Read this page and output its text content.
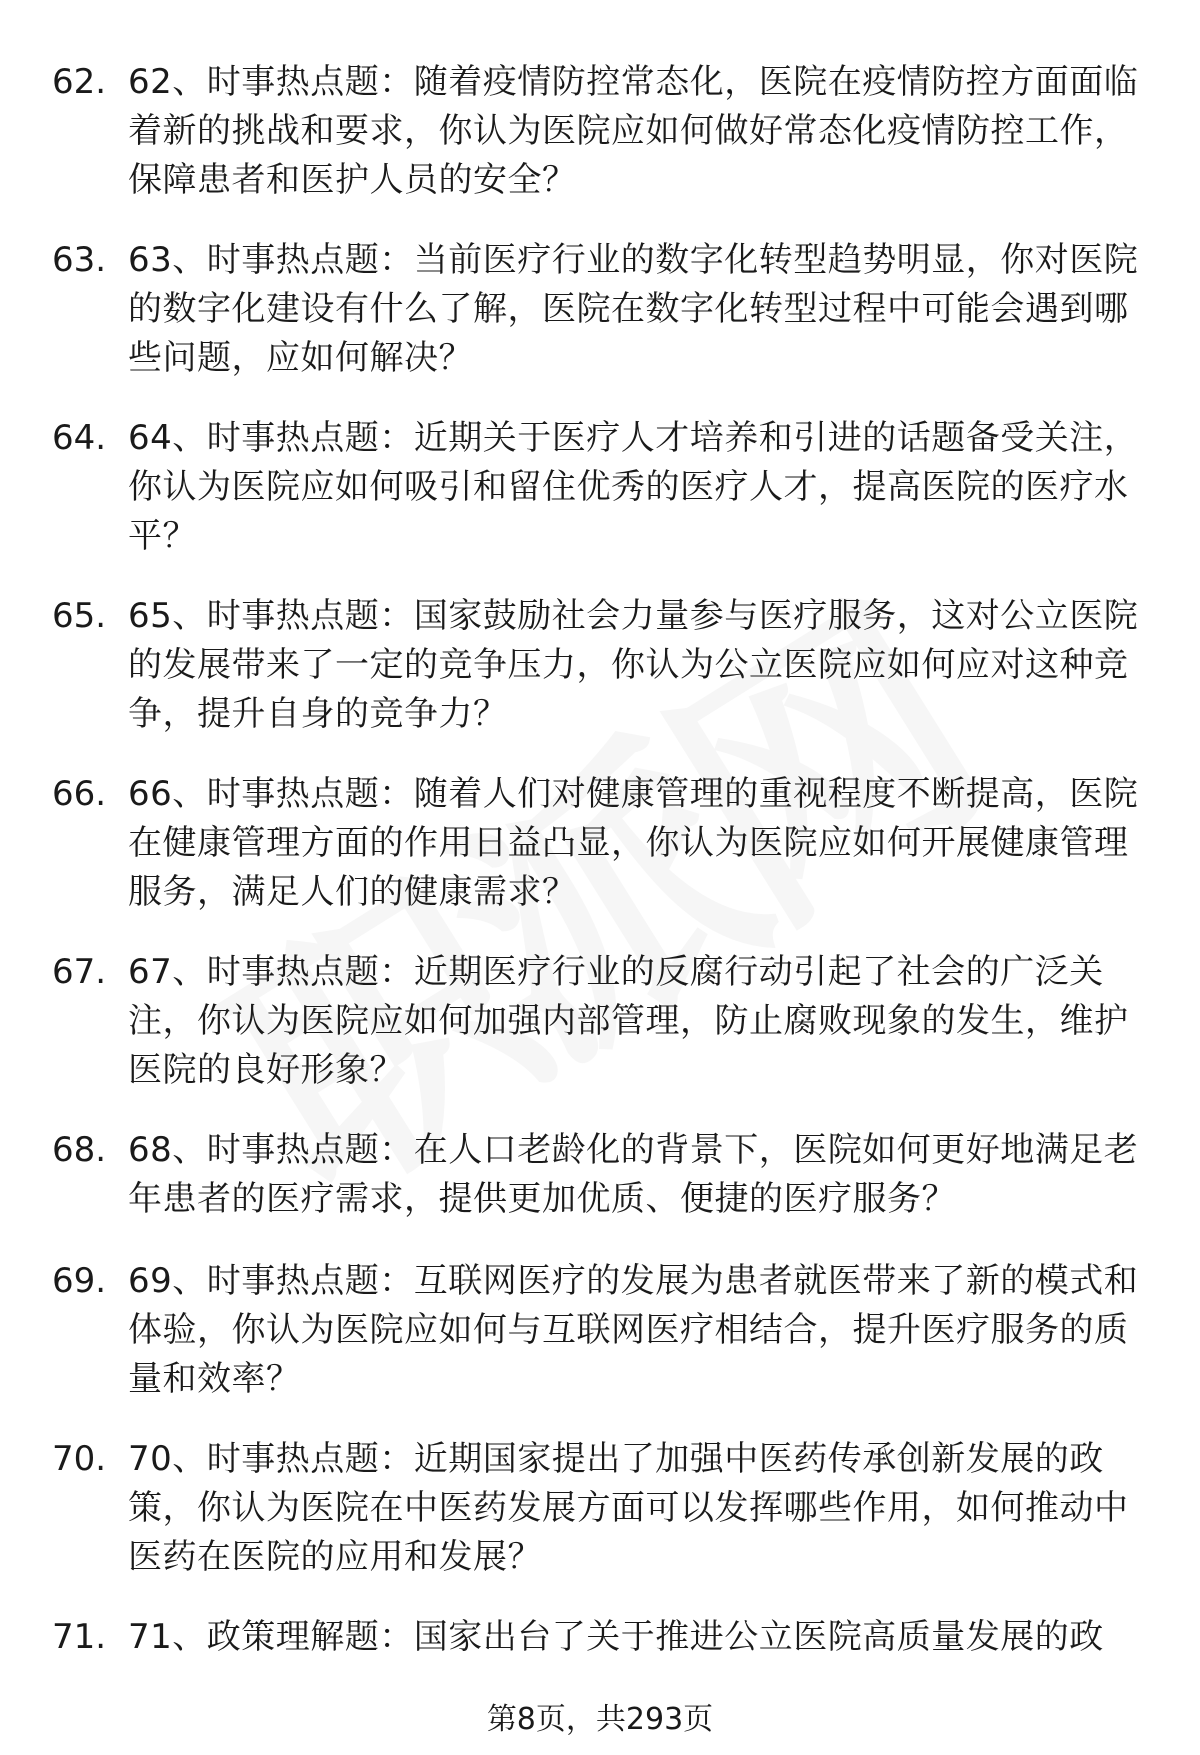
62. 62、时事热点题：随着疫情防控常态化，医院在疫情防控方面面临着新的挑战和要求，你认为医院应如何做好常态化疫情防控工作，保障患者和医护人员的安全？
63. 63、时事热点题：当前医疗行业的数字化转型趋势明显，你对医院的数字化建设有什么了解，医院在数字化转型过程中可能会遇到哪些问题，应如何解决？
64. 64、时事热点题：近期关于医疗人才培养和引进的话题备受关注，你认为医院应如何吸引和留住优秀的医疗人才，提高医院的医疗水平？
65. 65、时事热点题：国家鼓励社会力量参与医疗服务，这对公立医院的发展带来了一定的竞争压力，你认为公立医院应如何应对这种竞争，提升自身的竞争力？
66. 66、时事热点题：随着人们对健康管理的重视程度不断提高，医院在健康管理方面的作用日益凸显，你认为医院应如何开展健康管理服务，满足人们的健康需求？
67. 67、时事热点题：近期医疗行业的反腐行动引起了社会的广泛关注，你认为医院应如何加强内部管理，防止腐败现象的发生，维护医院的良好形象？
68. 68、时事热点题：在人口老龄化的背景下，医院如何更好地满足老年患者的医疗需求，提供更加优质、便捷的医疗服务？
69. 69、时事热点题：互联网医疗的发展为患者就医带来了新的模式和体验，你认为医院应如何与互联网医疗相结合，提升医疗服务的质量和效率？
70. 70、时事热点题：近期国家提出了加强中医药传承创新发展的政策，你认为医院在中医药发展方面可以发挥哪些作用，如何推动中医药在医院的应用和发展？
71. 71、政策理解题：国家出台了关于推进公立医院高质量发展的政
第8页，共293页
